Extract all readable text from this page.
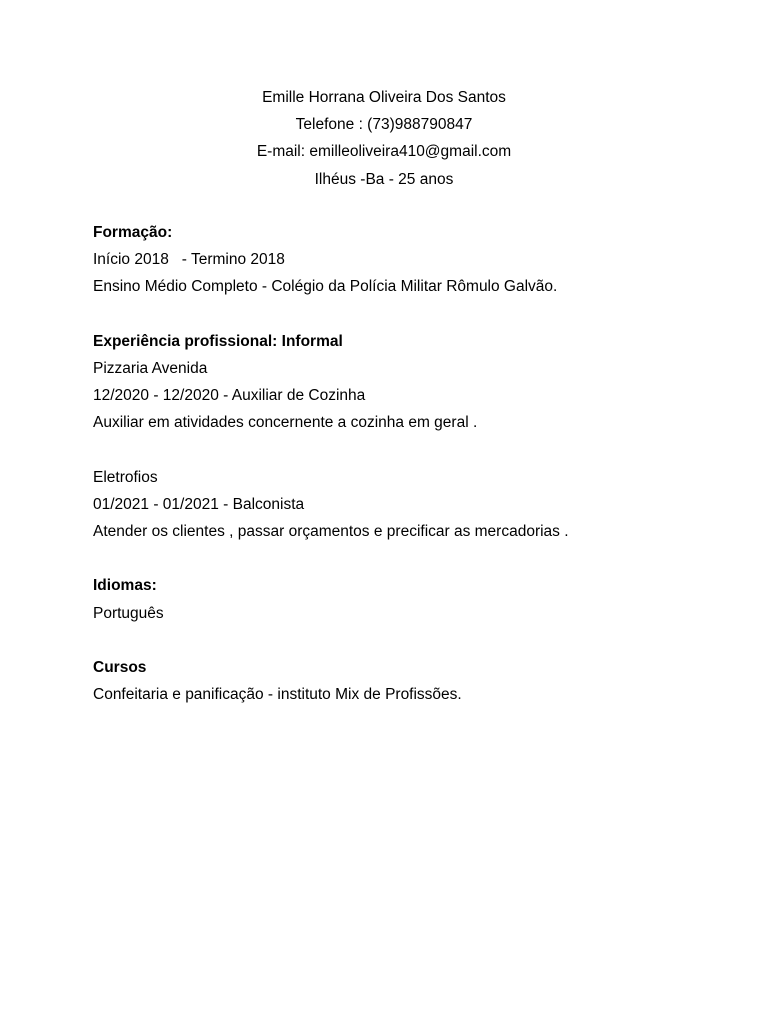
Emille Horrana Oliveira Dos Santos
Telefone : (73)988790847
E-mail: emilleoliveira410@gmail.com
Ilhéus -Ba - 25 anos
Formação:
Início 2018   - Termino 2018
Ensino Médio Completo - Colégio da Polícia Militar Rômulo Galvão.
Experiência profissional: Informal
Pizzaria Avenida
12/2020 - 12/2020 - Auxiliar de Cozinha
Auxiliar em atividades concernente a cozinha em geral .
Eletrofios
01/2021 - 01/2021 - Balconista
Atender os clientes , passar orçamentos e precificar as mercadorias .
Idiomas:
Português
Cursos
Confeitaria e panificação - instituto Mix de Profissões.
